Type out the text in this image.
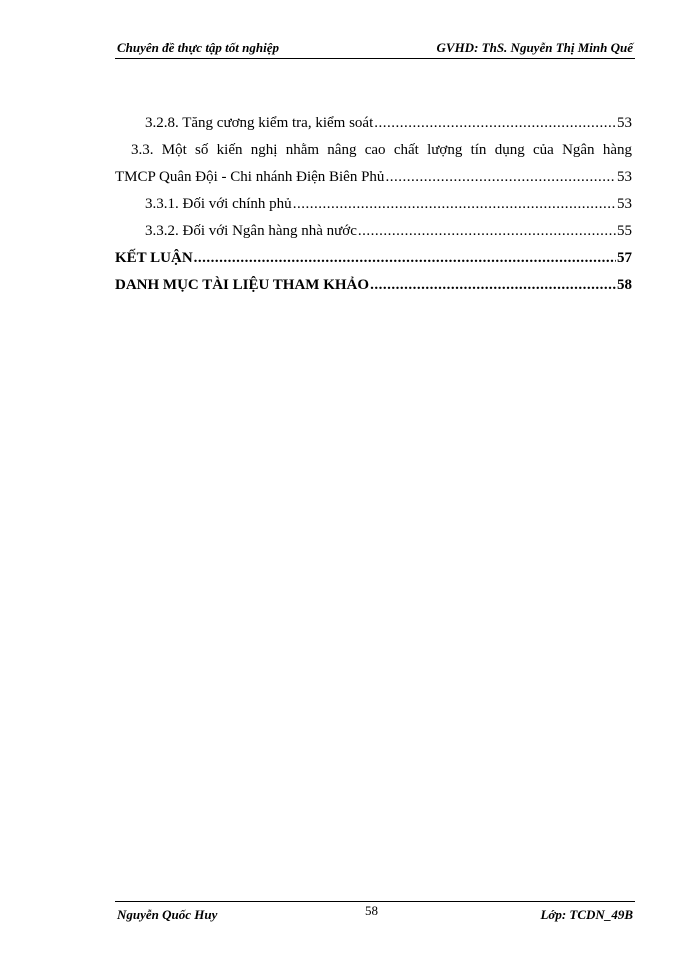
Chuyên đề thực tập tốt nghiệp	GVHD: ThS. Nguyễn Thị Minh Quế
3.2.8. Tăng cương kiểm tra, kiểm soát .....	53
3.3. Một số kiến nghị nhằm nâng cao chất lượng tín dụng của Ngân hàng
TMCP Quân Đội - Chi nhánh Điện Biên Phủ .....	53
3.3.1. Đối với chính phủ .....	53
3.3.2. Đối với Ngân hàng nhà nước .....	55
KẾT LUẬN .....	57
DANH MỤC TÀI LIỆU THAM KHẢO .....	58
Nguyễn Quốc Huy	58	Lớp: TCDN_49B
